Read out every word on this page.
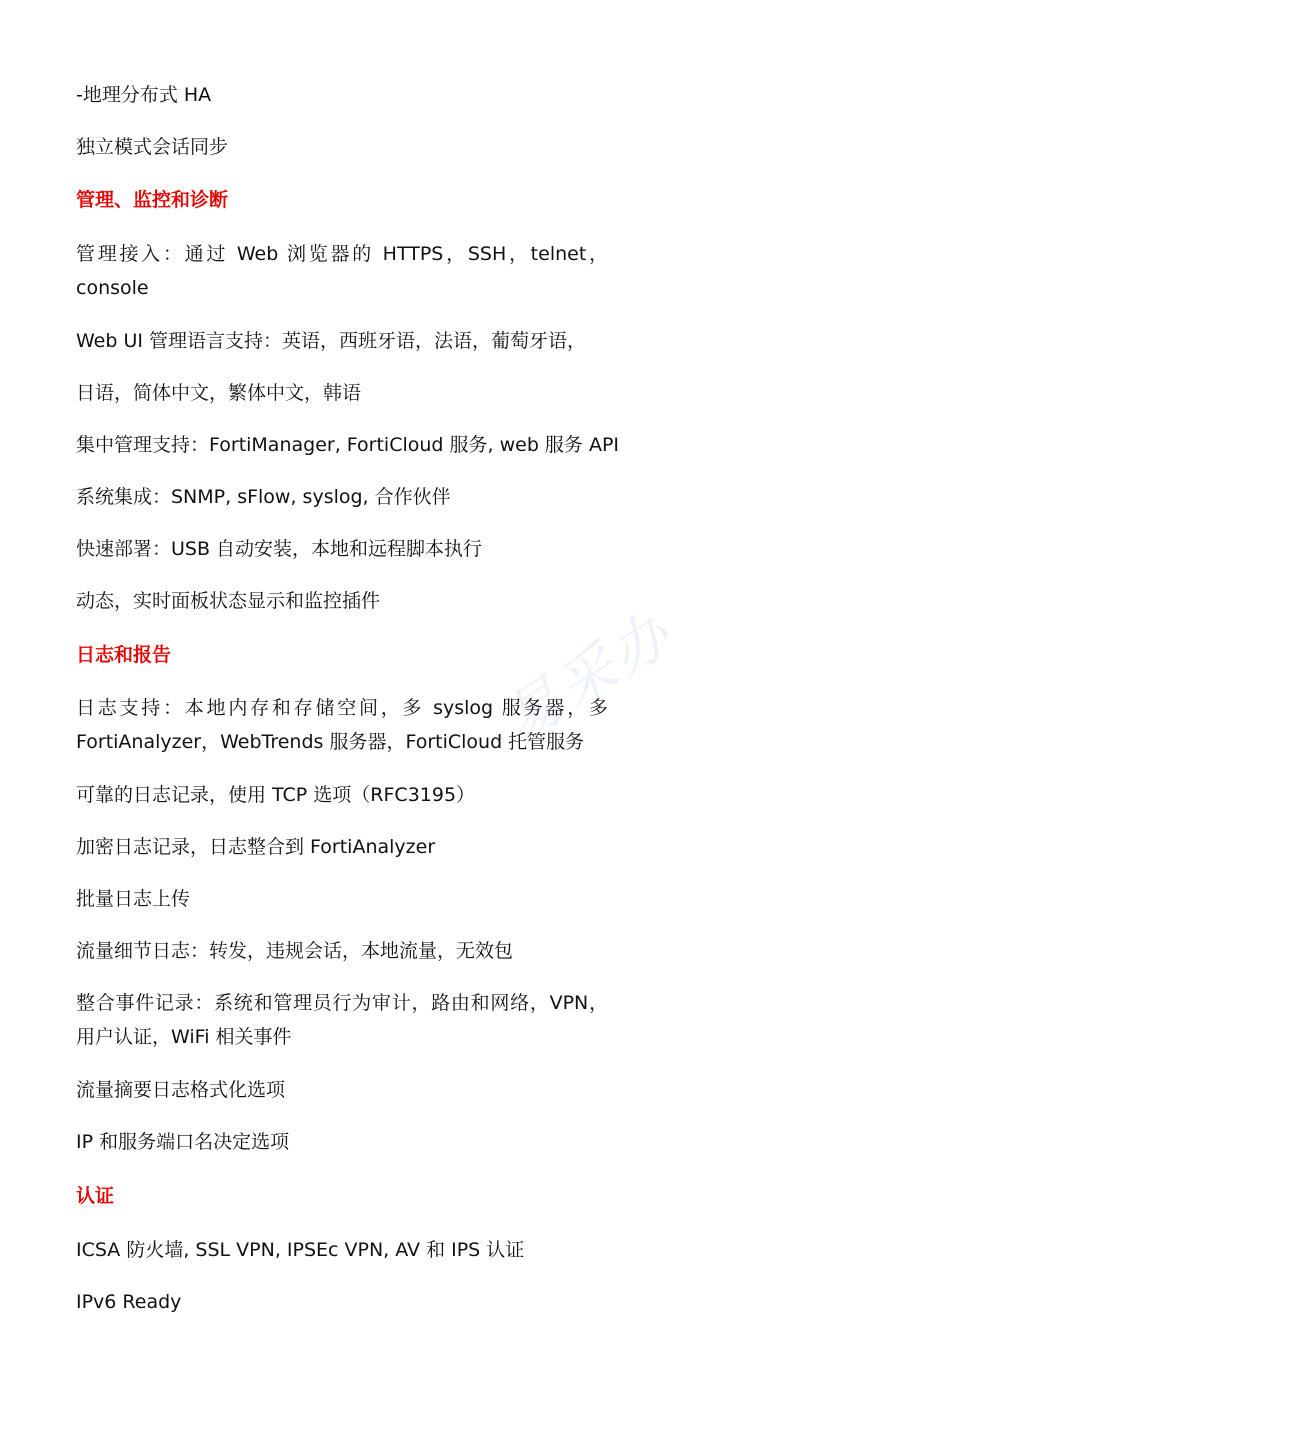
易采办
-地理分布式 HA
独立模式会话同步
管理、监控和诊断
管理接入：通过 Web 浏览器的 HTTPS，SSH，telnet，console
Web UI 管理语言支持：英语，西班牙语，法语，葡萄牙语，
日语，简体中文，繁体中文，韩语
集中管理支持：FortiManager, FortiCloud 服务, web 服务 API
系统集成：SNMP, sFlow, syslog, 合作伙伴
快速部署：USB 自动安装，本地和远程脚本执行
动态，实时面板状态显示和监控插件
日志和报告
日志支持：本地内存和存储空间，多 syslog 服务器，多 FortiAnalyzer，WebTrends 服务器，FortiCloud 托管服务
可靠的日志记录，使用 TCP 选项（RFC3195）
加密日志记录，日志整合到 FortiAnalyzer
批量日志上传
流量细节日志：转发，违规会话，本地流量，无效包
整合事件记录：系统和管理员行为审计，路由和网络，VPN，用户认证，WiFi 相关事件
流量摘要日志格式化选项
IP 和服务端口名决定选项
认证
ICSA 防火墙, SSL VPN, IPSEc VPN, AV 和 IPS 认证
IPv6 Ready
